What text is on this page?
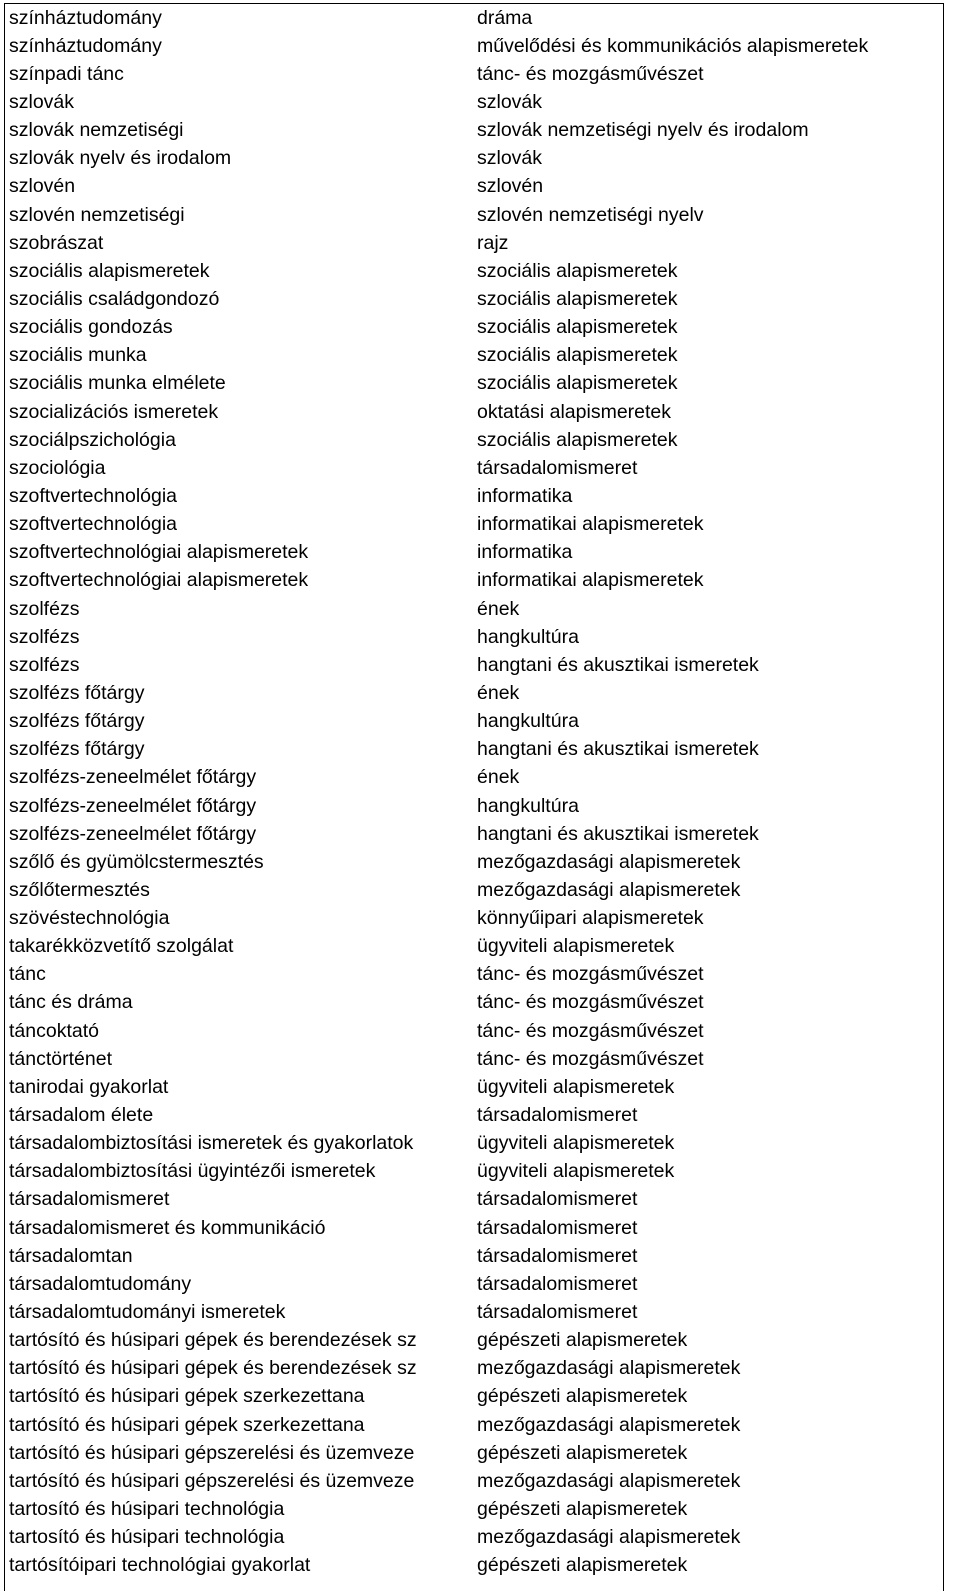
színháztudomány	dráma
színháztudomány	művelődési és kommunikációs alapismeretek
színpadi tánc	tánc- és mozgásművészet
szlovák	szlovák
szlovák nemzetiségi	szlovák nemzetiségi nyelv és irodalom
szlovák nyelv és irodalom	szlovák
szlovén	szlovén
szlovén nemzetiségi	szlovén nemzetiségi nyelv
szobrászat	rajz
szociális alapismeretek	szociális alapismeretek
szociális családgondozó	szociális alapismeretek
szociális gondozás	szociális alapismeretek
szociális munka	szociális alapismeretek
szociális munka elmélete	szociális alapismeretek
szocializációs ismeretek	oktatási alapismeretek
szociálpszichológia	szociális alapismeretek
szociológia	társadalomismeret
szoftvertechnológia	informatika
szoftvertechnológia	informatikai alapismeretek
szoftvertechnológiai alapismeretek	informatika
szoftvertechnológiai alapismeretek	informatikai alapismeretek
szolfézs	ének
szolfézs	hangkultúra
szolfézs	hangtani és akusztikai ismeretek
szolfézs főtárgy	ének
szolfézs főtárgy	hangkultúra
szolfézs főtárgy	hangtani és akusztikai ismeretek
szolfézs-zeneelmélet főtárgy	ének
szolfézs-zeneelmélet főtárgy	hangkultúra
szolfézs-zeneelmélet főtárgy	hangtani és akusztikai ismeretek
szőlő és gyümölcstermesztés	mezőgazdasági alapismeretek
szőlőtermesztés	mezőgazdasági alapismeretek
szövéstechnológia	könnyűipari alapismeretek
takarékközvetítő szolgálat	ügyviteli alapismeretek
tánc	tánc- és mozgásművészet
tánc és dráma	tánc- és mozgásművészet
táncoktató	tánc- és mozgásművészet
tánctörténet	tánc- és mozgásművészet
tanirodai gyakorlat	ügyviteli alapismeretek
társadalom élete	társadalomismeret
társadalombiztosítási ismeretek és gyakorlatok	ügyviteli alapismeretek
társadalombiztosítási ügyintézői ismeretek	ügyviteli alapismeretek
társadalomismeret	társadalomismeret
társadalomismeret és kommunikáció	társadalomismeret
társadalomtan	társadalomismeret
társadalomtudomány	társadalomismeret
társadalomtudományi ismeretek	társadalomismeret
tartósító és húsipari gépek és berendezések sz	gépészeti alapismeretek
tartósító és húsipari gépek és berendezések sz	mezőgazdasági alapismeretek
tartósító és húsipari gépek szerkezettana	gépészeti alapismeretek
tartósító és húsipari gépek szerkezettana	mezőgazdasági alapismeretek
tartósító és húsipari gépszerelési és üzemveze	gépészeti alapismeretek
tartósító és húsipari gépszerelési és üzemveze	mezőgazdasági alapismeretek
tartosító és húsipari technológia	gépészeti alapismeretek
tartosító és húsipari technológia	mezőgazdasági alapismeretek
tartósítóipari technológiai gyakorlat	gépészeti alapismeretek
